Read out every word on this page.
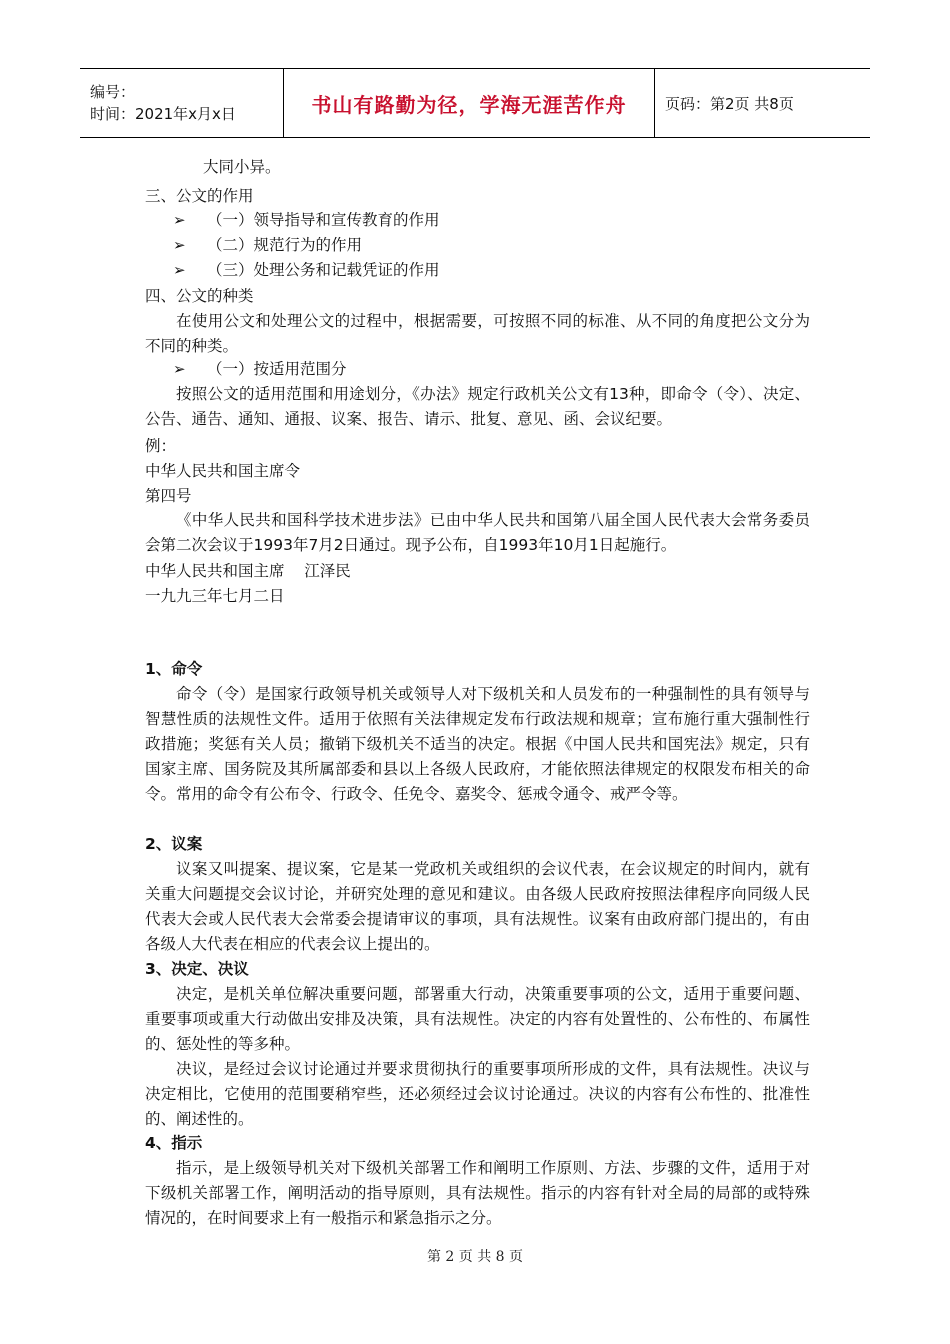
编号：
时间：2021年x月x日	书山有路勤为径，学海无涯苦作舟	页码：第2页 共8页
大同小异。
三、公文的作用
➢ （一）领导指导和宣传教育的作用
➢ （二）规范行为的作用
➢ （三）处理公务和记载凭证的作用
四、公文的种类
在使用公文和处理公文的过程中，根据需要，可按照不同的标准、从不同的角度把公文分为不同的种类。
➢ （一）按适用范围分
按照公文的适用范围和用途划分，《办法》规定行政机关公文有13种，即命令（令）、决定、公告、通告、通知、通报、议案、报告、请示、批复、意见、函、会议纪要。
例：
中华人民共和国主席令
第四号
《中华人民共和国科学技术进步法》已由中华人民共和国第八届全国人民代表大会常务委员会第二次会议于1993年7月2日通过。现予公布，自1993年10月1日起施行。
中华人民共和国主席    江泽民
一九九三年七月二日
1、命令
命令（令）是国家行政领导机关或领导人对下级机关和人员发布的一种强制性的具有领导与智慧性质的法规性文件。适用于依照有关法律规定发布行政法规和规章；宣布施行重大强制性行政措施；奖惩有关人员；撤销下级机关不适当的决定。根据《中国人民共和国宪法》规定，只有国家主席、国务院及其所属部委和县以上各级人民政府，才能依照法律规定的权限发布相关的命令。常用的命令有公布令、行政令、任免令、嘉奖令、惩戒令通令、戒严令等。
2、议案
议案又叫提案、提议案，它是某一党政机关或组织的会议代表，在会议规定的时间内，就有关重大问题提交会议讨论，并研究处理的意见和建议。由各级人民政府按照法律程序向同级人民代表大会或人民代表大会常委会提请审议的事项，具有法规性。议案有由政府部门提出的，有由各级人大代表在相应的代表会议上提出的。
3、决定、决议
决定，是机关单位解决重要问题，部署重大行动，决策重要事项的公文，适用于重要问题、重要事项或重大行动做出安排及决策，具有法规性。决定的内容有处置性的、公布性的、布属性的、惩处性的等多种。
决议，是经过会议讨论通过并要求贯彻执行的重要事项所形成的文件，具有法规性。决议与决定相比，它使用的范围要稍窄些，还必须经过会议讨论通过。决议的内容有公布性的、批准性的、阐述性的。
4、指示
指示，是上级领导机关对下级机关部署工作和阐明工作原则、方法、步骤的文件，适用于对下级机关部署工作，阐明活动的指导原则，具有法规性。指示的内容有针对全局的局部的或特殊情况的，在时间要求上有一般指示和紧急指示之分。
第 2 页 共 8 页
